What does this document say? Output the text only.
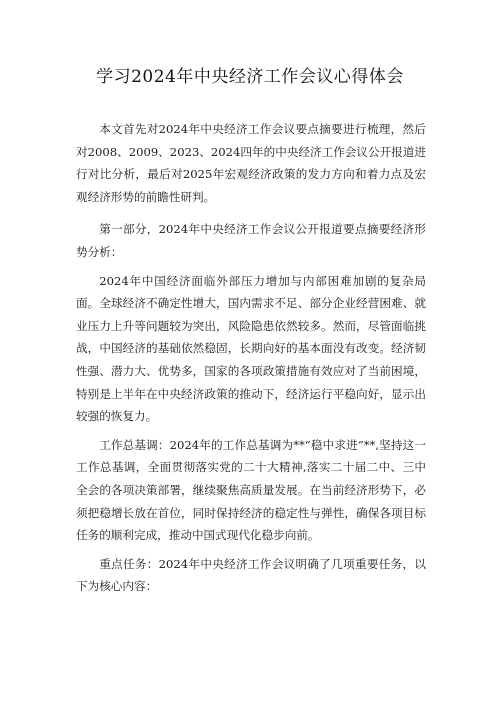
学习2024年中央经济工作会议心得体会

本文首先对2024年中央经济工作会议要点摘要进行梳理，然后对2008、2009、2023、2024四年的中央经济工作会议公开报道进行对比分析，最后对2025年宏观经济政策的发力方向和着力点及宏观经济形势的前瞻性研判。

第一部分，2024年中央经济工作会议公开报道要点摘要经济形势分析：

2024年中国经济面临外部压力增加与内部困难加剧的复杂局面。全球经济不确定性增大，国内需求不足、部分企业经营困难、就业压力上升等问题较为突出，风险隐患依然较多。然而，尽管面临挑战，中国经济的基础依然稳固，长期向好的基本面没有改变。经济韧性强、潜力大、优势多，国家的各项政策措施有效应对了当前困境，特别是上半年在中央经济政策的推动下，经济运行平稳向好，显示出较强的恢复力。

工作总基调：2024年的工作总基调为**“稳中求进”**,坚持这一工作总基调，全面贯彻落实党的二十大精神,落实二十届二中、三中全会的各项决策部署，继续聚焦高质量发展。在当前经济形势下，必须把稳增长放在首位，同时保持经济的稳定性与弹性，确保各项目标任务的顺利完成，推动中国式现代化稳步向前。

重点任务：2024年中央经济工作会议明确了几项重要任务，以下为核心内容：
